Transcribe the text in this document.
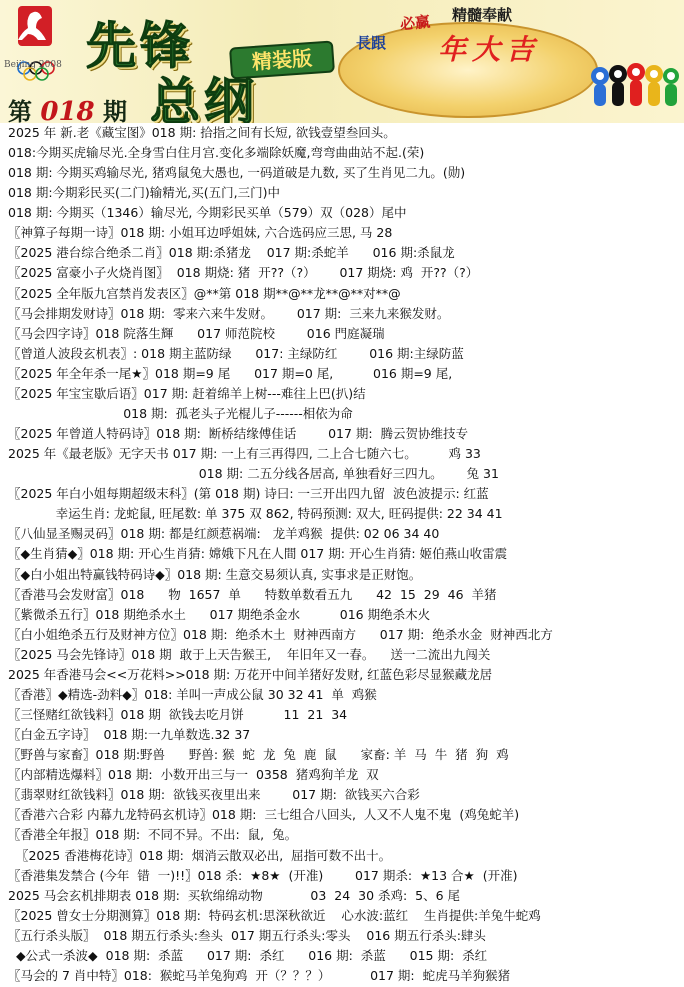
Beijing 2008 先锋	精装版
总纲
第 018 期
必赢 精髓奉献
長跟 年大吉
2025 年 新.老《藏宝图》018 期: 拾指之间有长短, 欲钱壹望叁回头。
018:今期买虎输尽光.全身雪白住月宫.变化多端除妖魔,弯弯曲曲站不起.(荣)
018 期: 今期买鸡输尽光, 猪鸡鼠兔大愚也, 一码道破是九数, 买了生肖见二九。(勋)
018 期:今期彩民买(二门)输精光,买(五门,三门)中
018 期: 今期买（1346）输尽光, 今期彩民买单（579）双（028）尾中
〖神算子每期一诗〗018 期: 小姐耳边呼姐妹, 六合选码应三思, 马 28
〖2025 港台综合绝杀二肖〗018 期:杀猪龙    017 期:杀蛇羊      016 期:杀鼠龙
〖2025 富豪小子火烧肖图〗  018 期烧: 猪  开??（?）      017 期烧: 鸡  开??（?）
〖2025 全年版九宫禁肖发表区〗@**第 018 期**@**龙**@**对**@
〖马会排期发财诗〗018 期:  零来六来牛发财。      017 期:  三来九来猴发财。
〖马会四字诗〗018 院落生輝      017 师范院校        016 門庭凝瑞
〖曾道人波段玄机表〗: 018 期主蓝防绿      017: 主绿防红        016 期:主绿防蓝
〖2025 年全年杀一尾★〗018 期=9 尾      017 期=0 尾,          016 期=9 尾,
〖2025 年宝宝歇后语〗017 期: 赶着绵羊上树---难往上巴(扒)结
018 期:  孤老头子光棍儿子------相依为命
〖2025 年曾道人特码诗〗018 期:  断桥结缘傅佳话        017 期:  腾云贺协维技专
2025 年《最老版》无字天书 017 期: 一上有三再得四, 二上合七随六七。        鸡 33
018 期: 二五分线各居高, 单独看好三四九。      兔 31
〖2025 年白小姐每期超级末科〗(第 018 期) 诗曰: 一三开出四九留  波色波提示: 红蓝
幸运生肖: 龙蛇鼠, 旺尾数: 单 375 双 862, 特码预测: 双大, 旺码提供: 22 34 41
〖八仙显圣赐灵码〗018 期: 都是红颜惹祸端:   龙羊鸡猴  提供: 02 06 34 40
〖◆生肖猜◆〗018 期: 开心生肖猜: 嫦娥下凡在人間 017 期: 开心生肖猜: 姬伯燕山收雷震
〖◆白小姐出特赢钱特码诗◆〗018 期: 生意交易须认真, 实事求是正财饱。
〖香港马会发财富〗018      物  1657  单      特数单数看五九      42  15  29  46  羊猪
〖紫微杀五行〗018 期绝杀水土      017 期绝杀金水          016 期绝杀木火
〖白小姐绝杀五行及财神方位〗018 期:  绝杀木土  财神西南方      017 期:  绝杀水金  财神西北方
〖2025 马会先锋诗〗018 期  敢于上天告猴王,    年旧年又一春。    送一二流出九闯关
2025 年香港马会<<万花料>>018 期: 万花开中间羊猪好发财, 红蓝色彩尽显猴藏龙居
〖香港〗◆精选-劲料◆〗018: 羊叫一声成公鼠 30 32 41  单  鸡猴
〖三怪赌红欲钱料〗018 期  欲钱去吃月饼          11  21  34
〖白金五字诗〗  018 期:一九单数选.32 37
〖野兽与家畜〗018 期:野兽      野兽: 猴  蛇  龙  兔  鹿  鼠      家畜: 羊  马  牛  猪  狗  鸡
〖内部精选爆料〗018 期:  小数开出三与一  0358  猪鸡狗羊龙  双
〖翡翠财红欲钱料〗018 期:  欲钱买夜里出来        017 期:  欲钱买六合彩
〖香港六合彩 内幕九龙特码玄机诗〗018 期:  三七组合八回头,  人又不人鬼不鬼  (鸡兔蛇羊)
〖香港全年报〗018 期:  不同不异。不出:  鼠,  兔。
〖2025 香港梅花诗〗018 期:  烟消云散双必出,  屈指可数不出十。
〖香港集发禁合 (今年  错  一)!!〗018 杀:  ★8★  (开准)        017 期杀:  ★13 合★  (开准)
2025 马会玄机排期表 018 期:  买软绵绵动物            03  24  30 杀鸡:  5、6 尾
〖2025 曾女士分期测算〗018 期:  特码玄机:思深秋欲近    心水波:蓝红    生肖提供:羊兔牛蛇鸡
〖五行杀头版〗  018 期五行杀头:叁头  017 期五行杀头:零头    016 期五行杀头:肆头
◆公式一杀波◆  018 期:  杀蓝      017 期:  杀红      016 期:  杀蓝      015 期:  杀红
〖马会的 7 肖中特〗018:  猴蛇马羊兔狗鸡  开（？？？）          017 期:  蛇虎马羊狗猴猪
